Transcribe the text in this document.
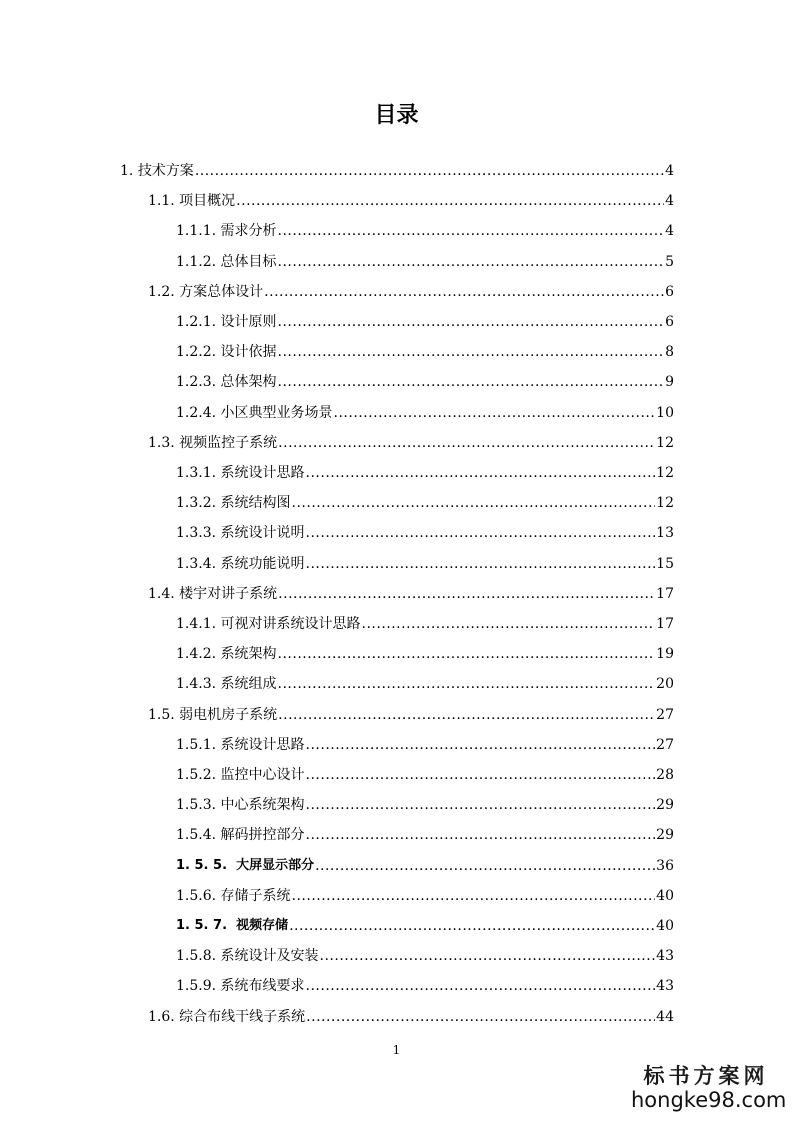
目录
1. 技术方案 .....	4
1.1. 项目概况 .....	4
1.1.1. 需求分析 .....	4
1.1.2. 总体目标 .....	5
1.2. 方案总体设计 .....	6
1.2.1. 设计原则 .....	6
1.2.2. 设计依据 .....	8
1.2.3. 总体架构 .....	9
1.2.4. 小区典型业务场景 .....	10
1.3. 视频监控子系统 .....	12
1.3.1. 系统设计思路 .....	12
1.3.2. 系统结构图 .....	12
1.3.3. 系统设计说明 .....	13
1.3.4. 系统功能说明 .....	15
1.4. 楼宇对讲子系统 .....	17
1.4.1. 可视对讲系统设计思路 .....	17
1.4.2. 系统架构 .....	19
1.4.3. 系统组成 .....	20
1.5. 弱电机房子系统 .....	27
1.5.1. 系统设计思路 .....	27
1.5.2. 监控中心设计 .....	28
1.5.3. 中心系统架构 .....	29
1.5.4. 解码拼控部分 .....	29
1. 5. 5. 大屏显示部分 .....	36
1.5.6. 存储子系统 .....	40
1. 5. 7. 视频存储 .....	40
1.5.8. 系统设计及安装 .....	43
1.5.9. 系统布线要求 .....	43
1.6. 综合布线干线子系统 .....	44
1
标书方案网
hongke98.com
